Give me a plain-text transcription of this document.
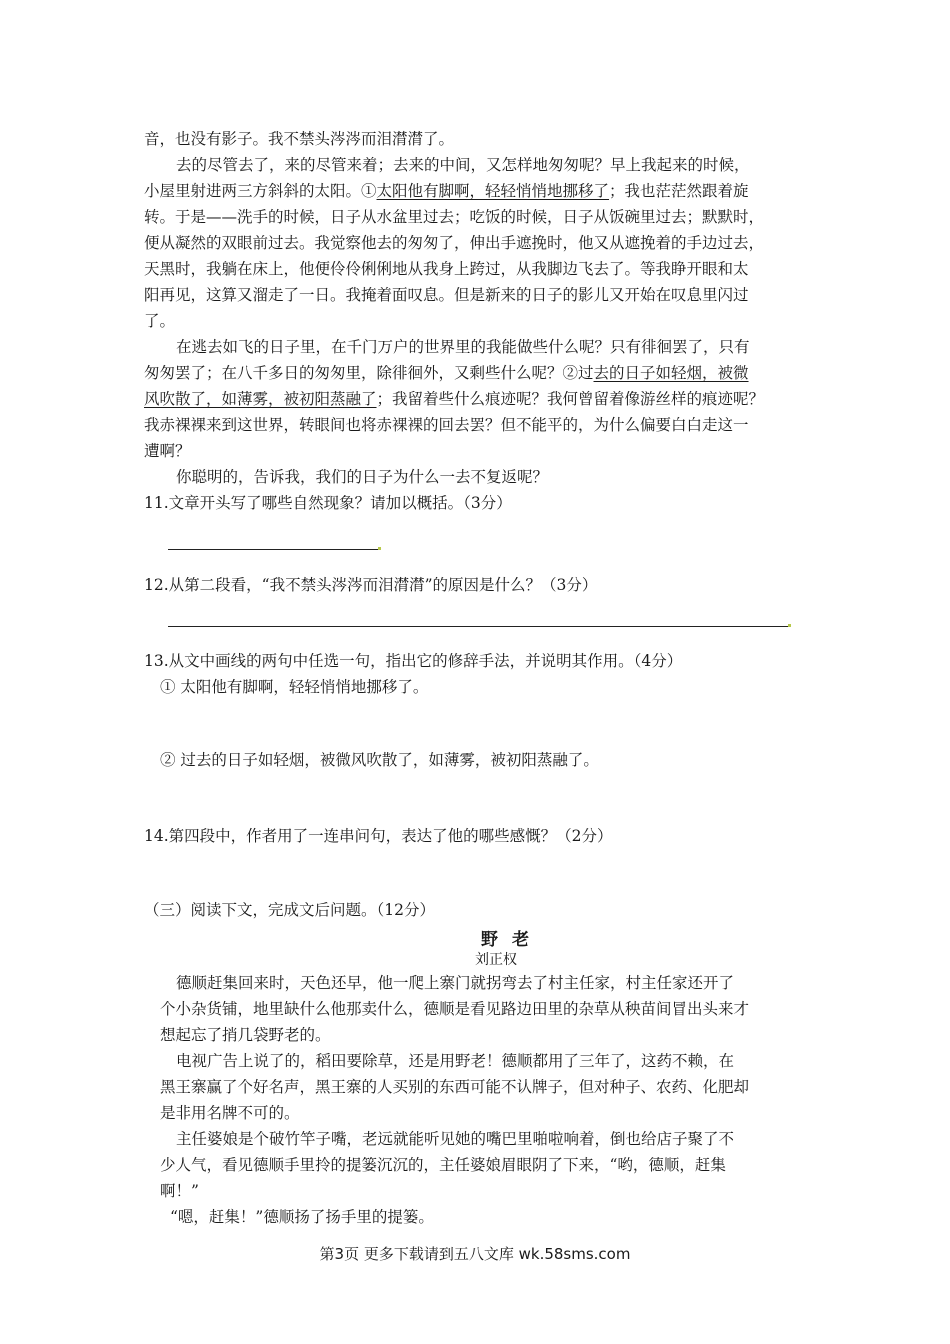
音，也没有影子。我不禁头涔涔而泪潸潸了。
去的尽管去了，来的尽管来着；去来的中间，又怎样地匆匆呢？早上我起来的时候，
小屋里射进两三方斜斜的太阳。①太阳他有脚啊，轻轻悄悄地挪移了；我也茫茫然跟着旋
转。于是——洗手的时候，日子从水盆里过去；吃饭的时候，日子从饭碗里过去；默默时，
便从凝然的双眼前过去。我觉察他去的匆匆了，伸出手遮挽时，他又从遮挽着的手边过去，
天黑时，我躺在床上，他便伶伶俐俐地从我身上跨过，从我脚边飞去了。等我睁开眼和太
阳再见，这算又溜走了一日。我掩着面叹息。但是新来的日子的影儿又开始在叹息里闪过
了。
在逃去如飞的日子里，在千门万户的世界里的我能做些什么呢？只有徘徊罢了，只有
匆匆罢了；在八千多日的匆匆里，除徘徊外，又剩些什么呢？②过去的日子如轻烟，被微
风吹散了，如薄雾，被初阳蒸融了；我留着些什么痕迹呢？我何曾留着像游丝样的痕迹呢？
我赤裸裸来到这世界，转眼间也将赤裸裸的回去罢？但不能平的，为什么偏要白白走这一
遭啊？
你聪明的，告诉我，我们的日子为什么一去不复返呢？
11.文章开头写了哪些自然现象？请加以概括。（3分）
12.从第二段看，“我不禁头涔涔而泪潸潸”的原因是什么？（3分）
13.从文中画线的两句中任选一句，指出它的修辞手法，并说明其作用。（4分）
① 太阳他有脚啊，轻轻悄悄地挪移了。
② 过去的日子如轻烟，被微风吹散了，如薄雾，被初阳蒸融了。
14.第四段中，作者用了一连串问句，表达了他的哪些感慨？（2分）
（三）阅读下文，完成文后问题。（12分）
野老
刘正权
德顺赶集回来时，天色还早，他一爬上寨门就拐弯去了村主任家，村主任家还开了
个小杂货铺，地里缺什么他那卖什么，德顺是看见路边田里的杂草从秧苗间冒出头来才
想起忘了捎几袋野老的。
电视广告上说了的，稻田要除草，还是用野老！德顺都用了三年了，这药不赖，在
黑王寨赢了个好名声，黑王寨的人买别的东西可能不认牌子，但对种子、农药、化肥却
是非用名牌不可的。
主任婆娘是个破竹竿子嘴，老远就能听见她的嘴巴里啪啦响着，倒也给店子聚了不
少人气，看见德顺手里拎的提篓沉沉的，主任婆娘眉眼阴了下来，“哟，德顺，赶集
啊！”
“嗯，赶集！”德顺扬了扬手里的提篓。
第3页 更多下载请到五八文库 wk.58sms.com
